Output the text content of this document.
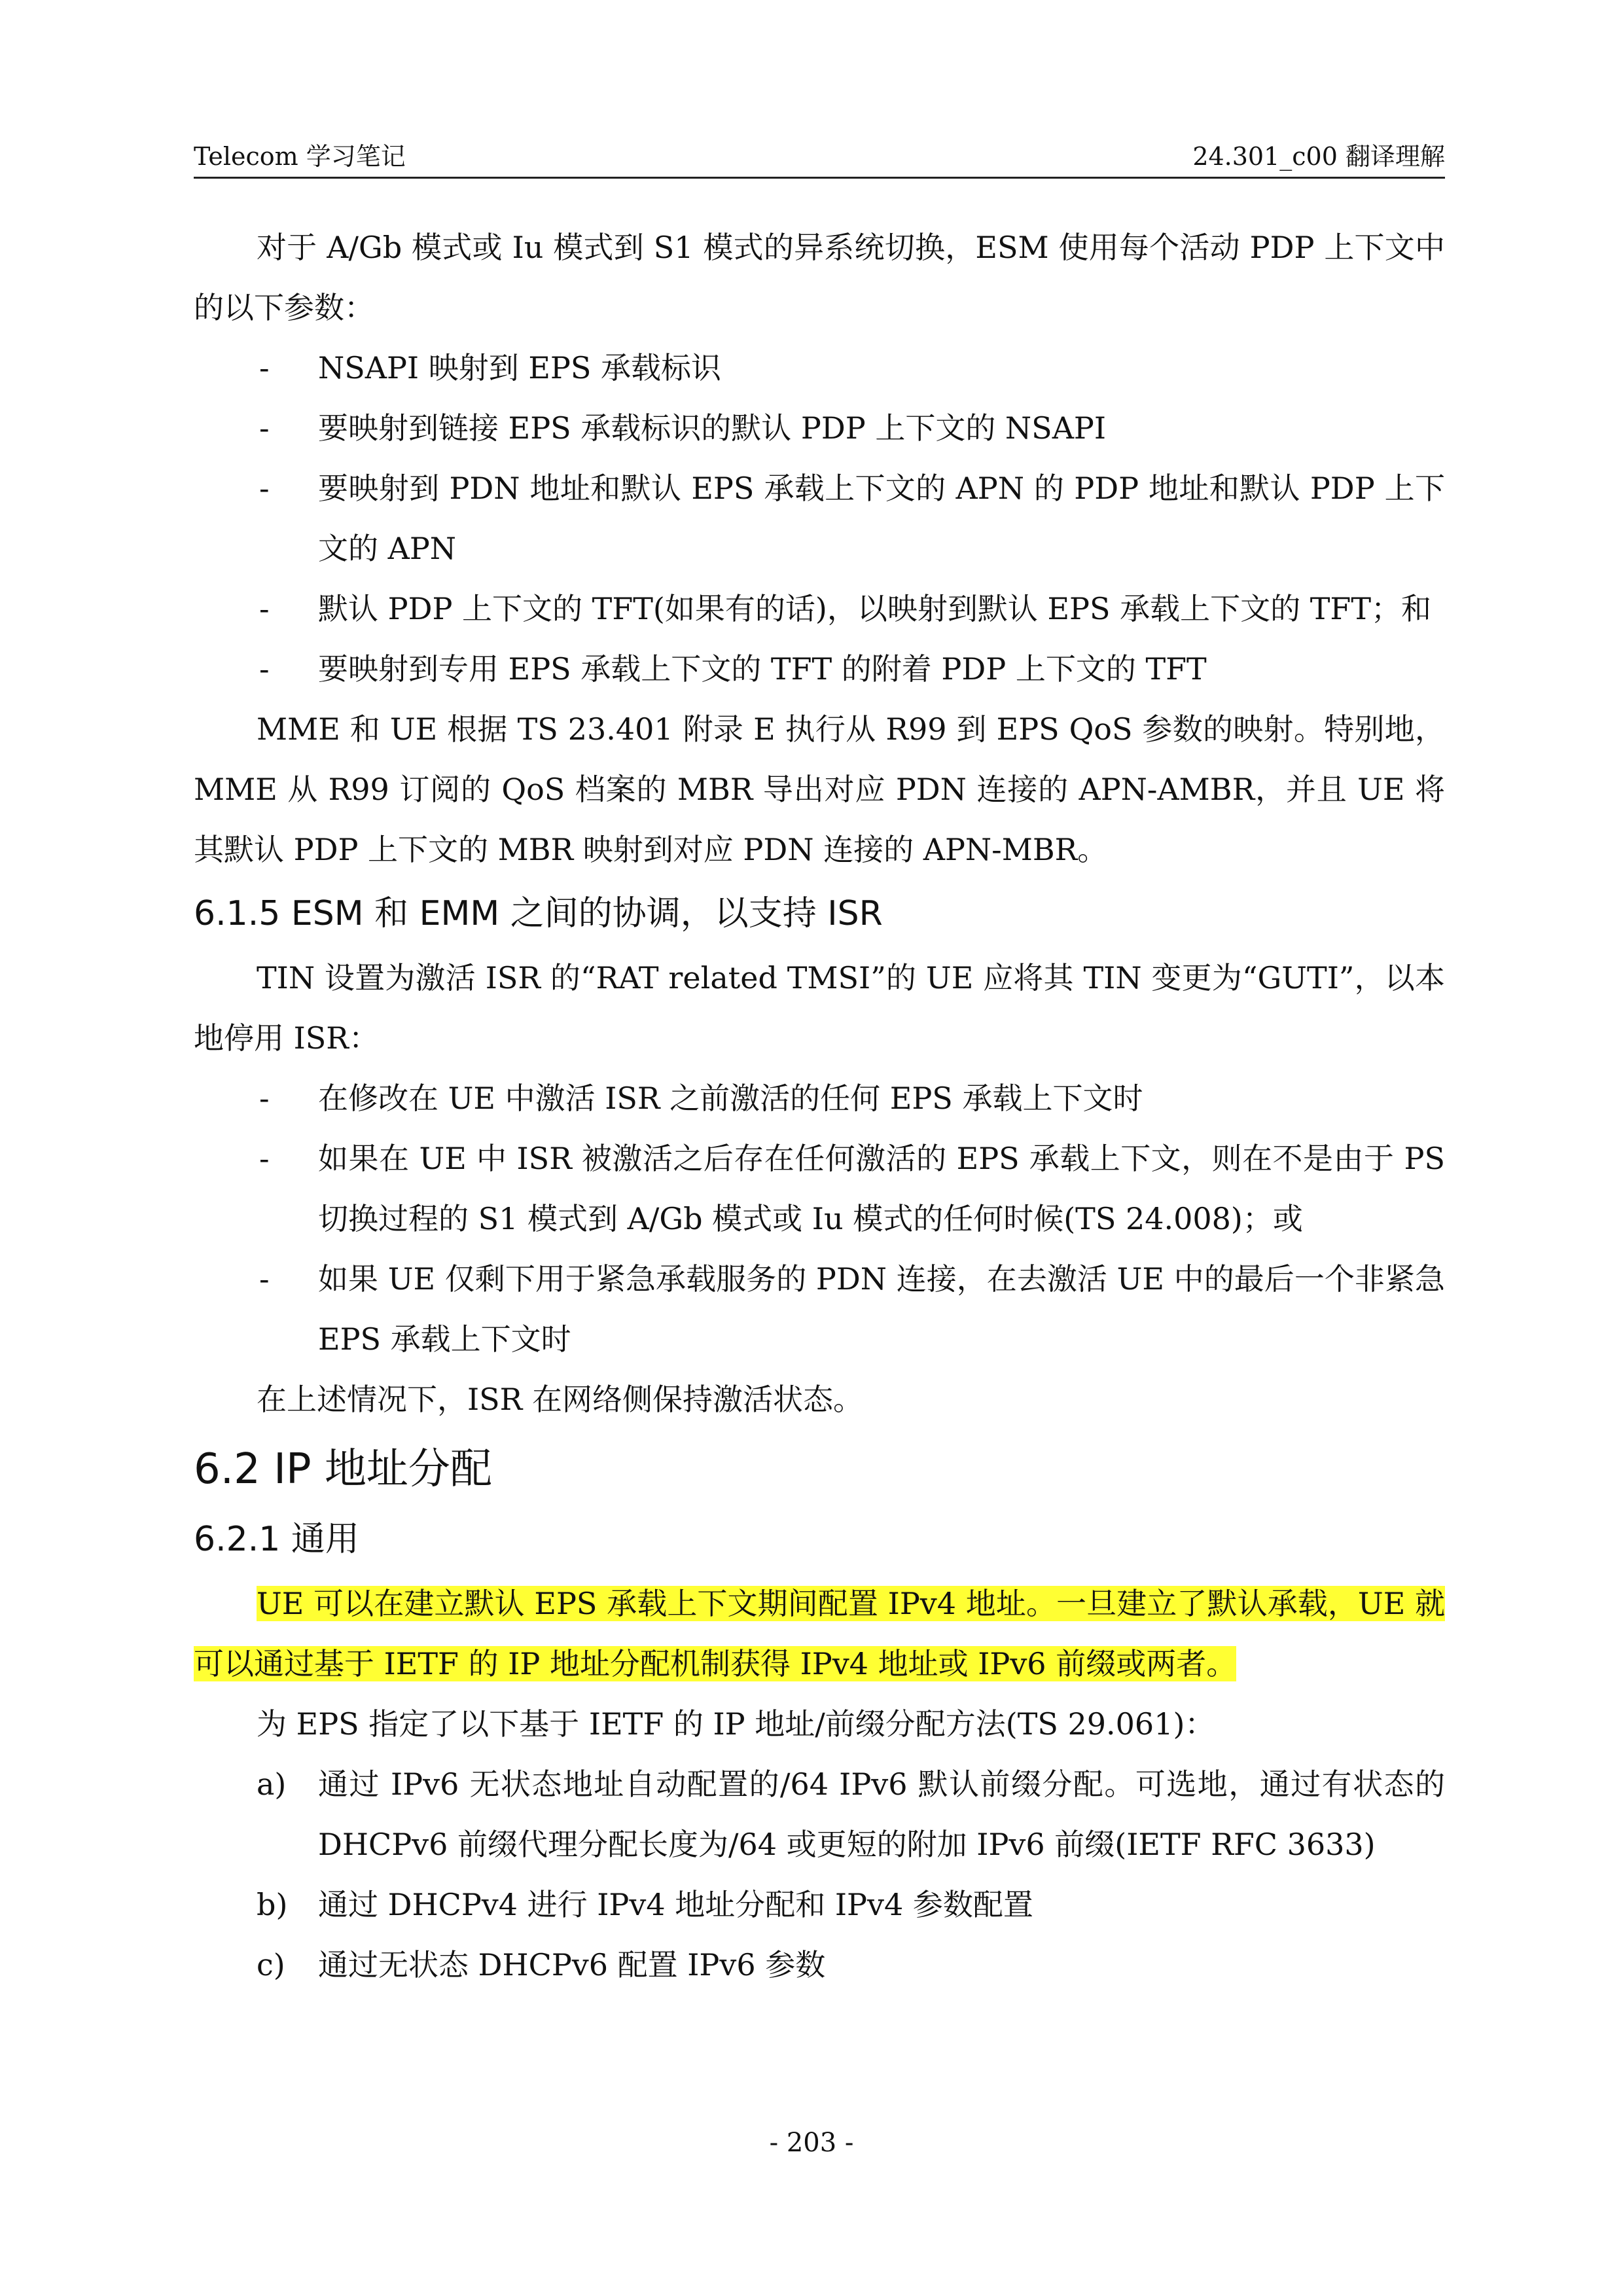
Telecom 学习笔记	24.301_c00 翻译理解

对于 A/Gb 模式或 Iu 模式到 S1 模式的异系统切换，ESM 使用每个活动 PDP 上下文中的以下参数：

- NSAPI 映射到 EPS 承载标识

- 要映射到链接 EPS 承载标识的默认 PDP 上下文的 NSAPI

- 要映射到 PDN 地址和默认 EPS 承载上下文的 APN 的 PDP 地址和默认 PDP 上下文的 APN

- 默认 PDP 上下文的 TFT(如果有的话)，以映射到默认 EPS 承载上下文的 TFT；和

- 要映射到专用 EPS 承载上下文的 TFT 的附着 PDP 上下文的 TFT

MME 和 UE 根据 TS 23.401 附录 E 执行从 R99 到 EPS QoS 参数的映射。特别地，MME 从 R99 订阅的 QoS 档案的 MBR 导出对应 PDN 连接的 APN-AMBR，并且 UE 将其默认 PDP 上下文的 MBR 映射到对应 PDN 连接的 APN-MBR。

6.1.5 ESM 和 EMM 之间的协调，以支持 ISR

TIN 设置为激活 ISR 的“RAT related TMSI”的 UE 应将其 TIN 变更为“GUTI”，以本地停用 ISR：

- 在修改在 UE 中激活 ISR 之前激活的任何 EPS 承载上下文时

- 如果在 UE 中 ISR 被激活之后存在任何激活的 EPS 承载上下文，则在不是由于 PS 切换过程的 S1 模式到 A/Gb 模式或 Iu 模式的任何时候(TS 24.008)；或

- 如果 UE 仅剩下用于紧急承载服务的 PDN 连接，在去激活 UE 中的最后一个非紧急 EPS 承载上下文时

在上述情况下，ISR 在网络侧保持激活状态。

6.2 IP 地址分配
6.2.1 通用

UE 可以在建立默认 EPS 承载上下文期间配置 IPv4 地址。一旦建立了默认承载，UE 就可以通过基于 IETF 的 IP 地址分配机制获得 IPv4 地址或 IPv6 前缀或两者。

为 EPS 指定了以下基于 IETF 的 IP 地址/前缀分配方法(TS 29.061)：

a) 通过 IPv6 无状态地址自动配置的/64 IPv6 默认前缀分配。可选地，通过有状态的 DHCPv6 前缀代理分配长度为/64 或更短的附加 IPv6 前缀(IETF RFC 3633)

b) 通过 DHCPv4 进行 IPv4 地址分配和 IPv4 参数配置

c) 通过无状态 DHCPv6 配置 IPv6 参数

- 203 -
